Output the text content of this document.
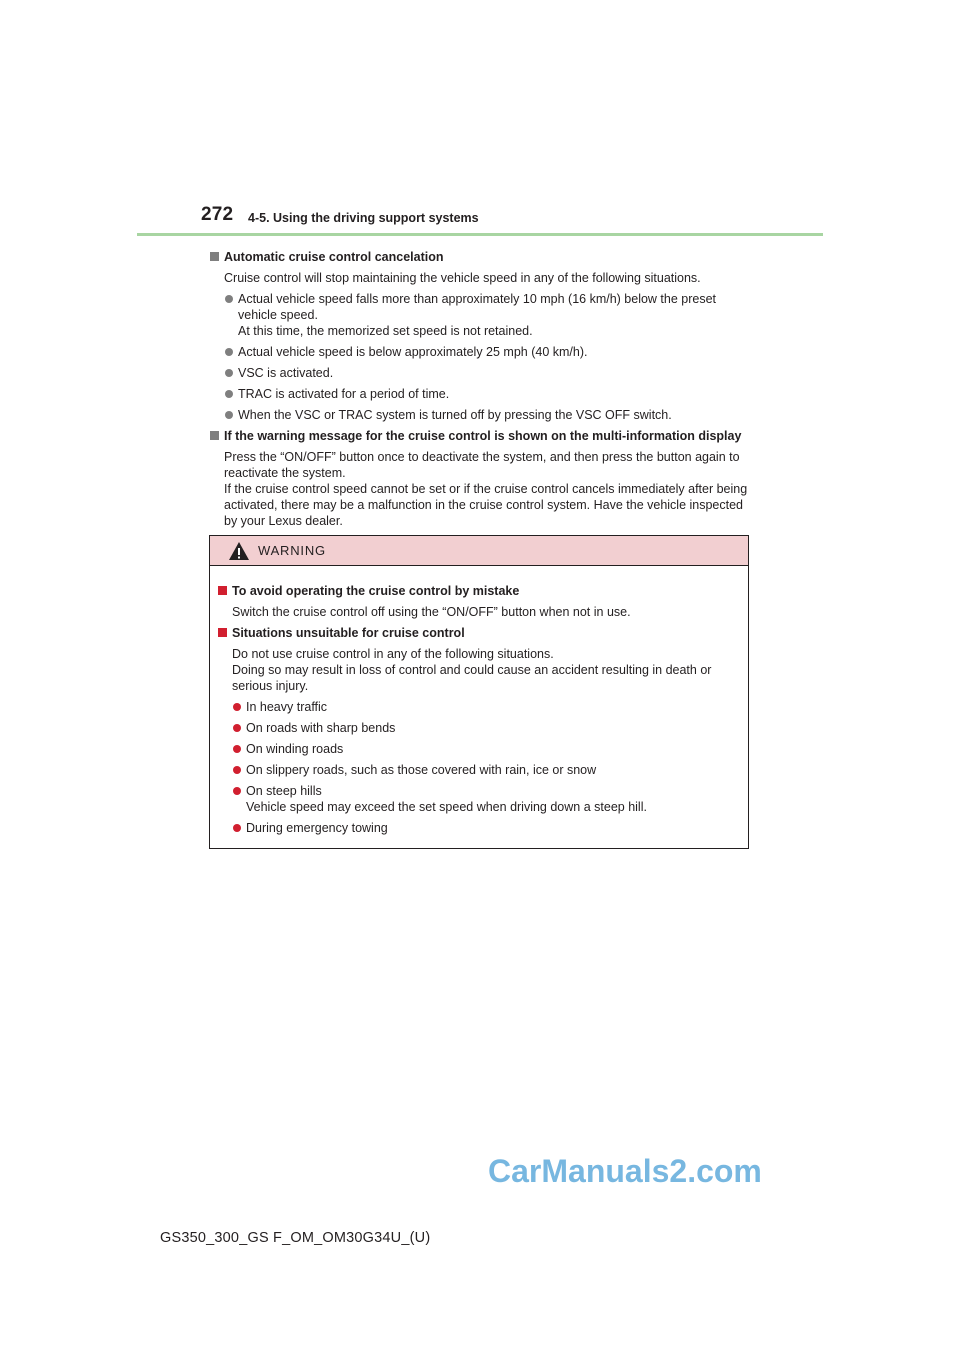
272 4-5. Using the driving support systems
Automatic cruise control cancelation
Cruise control will stop maintaining the vehicle speed in any of the following situations.
Actual vehicle speed falls more than approximately 10 mph (16 km/h) below the preset vehicle speed.
At this time, the memorized set speed is not retained.
Actual vehicle speed is below approximately 25 mph (40 km/h).
VSC is activated.
TRAC is activated for a period of time.
When the VSC or TRAC system is turned off by pressing the VSC OFF switch.
If the warning message for the cruise control is shown on the multi-information display
Press the “ON/OFF” button once to deactivate the system, and then press the button again to reactivate the system.
If the cruise control speed cannot be set or if the cruise control cancels immediately after being activated, there may be a malfunction in the cruise control system. Have the vehicle inspected by your Lexus dealer.
WARNING
To avoid operating the cruise control by mistake
Switch the cruise control off using the “ON/OFF” button when not in use.
Situations unsuitable for cruise control
Do not use cruise control in any of the following situations.
Doing so may result in loss of control and could cause an accident resulting in death or serious injury.
In heavy traffic
On roads with sharp bends
On winding roads
On slippery roads, such as those covered with rain, ice or snow
On steep hills
Vehicle speed may exceed the set speed when driving down a steep hill.
During emergency towing
CarManuals2.com
GS350_300_GS F_OM_OM30G34U_(U)
